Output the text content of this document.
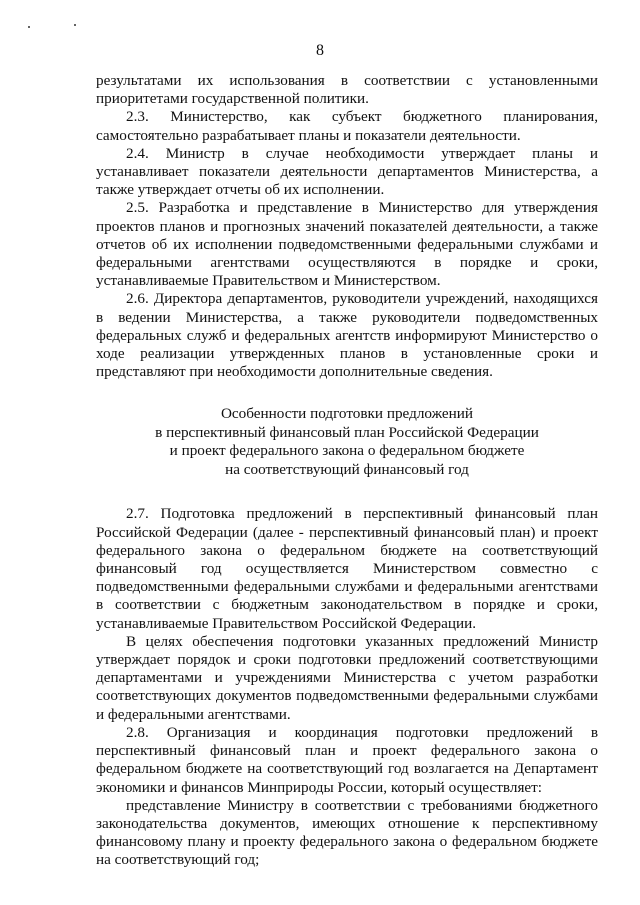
8

результатами их использования в соответствии с установленными приоритетами государственной политики.

2.3. Министерство, как субъект бюджетного планирования, самостоятельно разрабатывает планы и показатели деятельности.

2.4. Министр в случае необходимости утверждает планы и устанавливает показатели деятельности департаментов Министерства, а также утверждает отчеты об их исполнении.

2.5. Разработка и представление в Министерство для утверждения проектов планов и прогнозных значений показателей деятельности, а также отчетов об их исполнении подведомственными федеральными службами и федеральными агентствами осуществляются в порядке и сроки, устанавливаемые Правительством и Министерством.

2.6. Директора департаментов, руководители учреждений, находящихся в ведении Министерства, а также руководители подведомственных федеральных служб и федеральных агентств информируют Министерство о ходе реализации утвержденных планов в установленные сроки и представляют при необходимости дополнительные сведения.

Особенности подготовки предложений
в перспективный финансовый план Российской Федерации
и проект федерального закона о федеральном бюджете
на соответствующий финансовый год

2.7. Подготовка предложений в перспективный финансовый план Российской Федерации (далее - перспективный финансовый план) и проект федерального закона о федеральном бюджете на соответствующий финансовый год осуществляется Министерством совместно с подведомственными федеральными службами и федеральными агентствами в соответствии с бюджетным законодательством в порядке и сроки, устанавливаемые Правительством Российской Федерации.

В целях обеспечения подготовки указанных предложений Министр утверждает порядок и сроки подготовки предложений соответствующими департаментами и учреждениями Министерства с учетом разработки соответствующих документов подведомственными федеральными службами и федеральными агентствами.

2.8. Организация и координация подготовки предложений в перспективный финансовый план и проект федерального закона о федеральном бюджете на соответствующий год возлагается на Департамент экономики и финансов Минприроды России, который осуществляет:

представление Министру в соответствии с требованиями бюджетного законодательства документов, имеющих отношение к перспективному финансовому плану и проекту федерального закона о федеральном бюджете на соответствующий год;
